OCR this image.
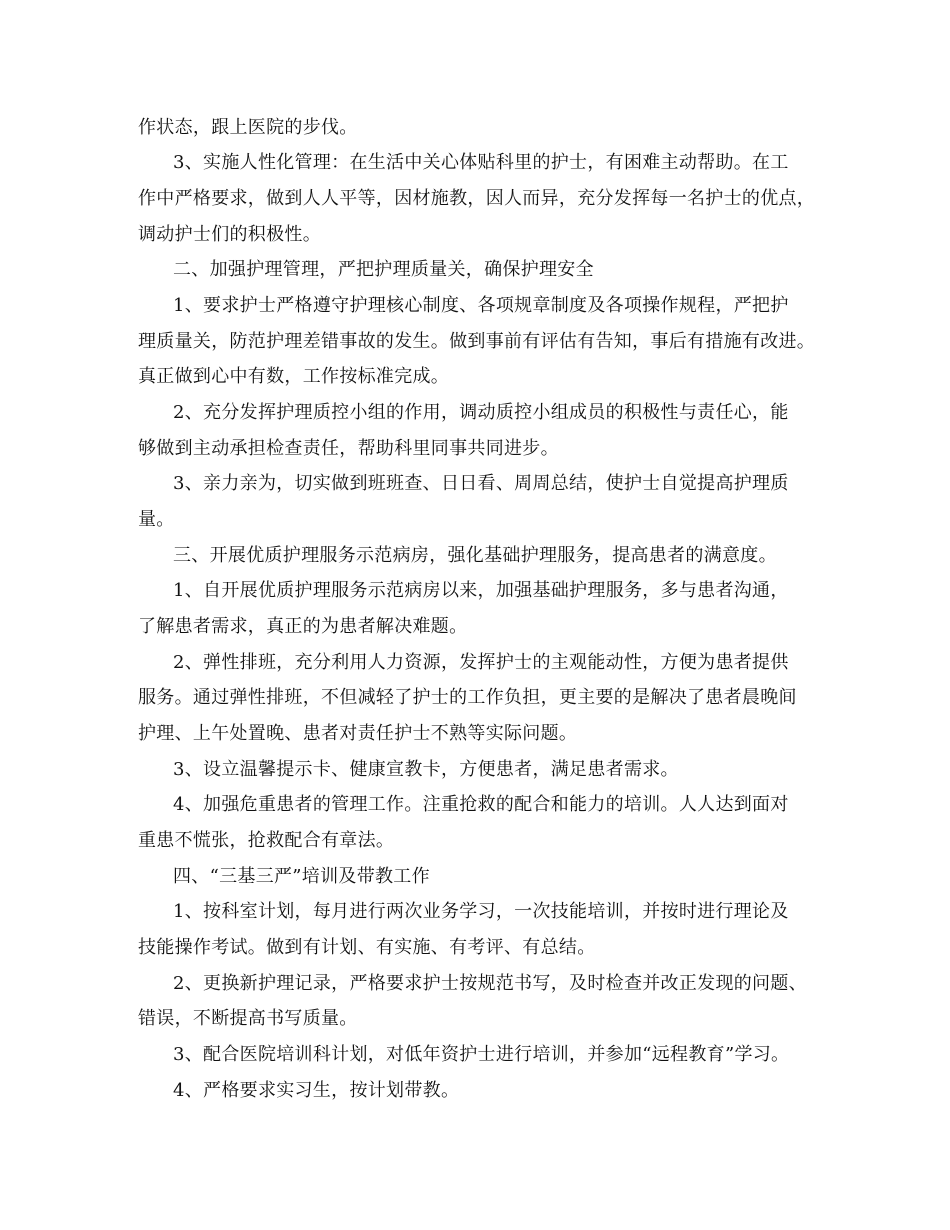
作状态，跟上医院的步伐。
3、实施人性化管理：在生活中关心体贴科里的护士，有困难主动帮助。在工
作中严格要求，做到人人平等，因材施教，因人而异，充分发挥每一名护士的优点，
调动护士们的积极性。
二、加强护理管理，严把护理质量关，确保护理安全
1、要求护士严格遵守护理核心制度、各项规章制度及各项操作规程，严把护
理质量关，防范护理差错事故的发生。做到事前有评估有告知，事后有措施有改进。
真正做到心中有数，工作按标准完成。
2、充分发挥护理质控小组的作用，调动质控小组成员的积极性与责任心，能
够做到主动承担检查责任，帮助科里同事共同进步。
3、亲力亲为，切实做到班班查、日日看、周周总结，使护士自觉提高护理质
量。
三、开展优质护理服务示范病房，强化基础护理服务，提高患者的满意度。
1、自开展优质护理服务示范病房以来，加强基础护理服务，多与患者沟通，
了解患者需求，真正的为患者解决难题。
2、弹性排班，充分利用人力资源，发挥护士的主观能动性，方便为患者提供
服务。通过弹性排班，不但减轻了护士的工作负担，更主要的是解决了患者晨晚间
护理、上午处置晚、患者对责任护士不熟等实际问题。
3、设立温馨提示卡、健康宣教卡，方便患者，满足患者需求。
4、加强危重患者的管理工作。注重抢救的配合和能力的培训。人人达到面对
重患不慌张，抢救配合有章法。
四、“三基三严”培训及带教工作
1、按科室计划，每月进行两次业务学习，一次技能培训，并按时进行理论及
技能操作考试。做到有计划、有实施、有考评、有总结。
2、更换新护理记录，严格要求护士按规范书写，及时检查并改正发现的问题、
错误，不断提高书写质量。
3、配合医院培训科计划，对低年资护士进行培训，并参加“远程教育”学习。
4、严格要求实习生，按计划带教。
